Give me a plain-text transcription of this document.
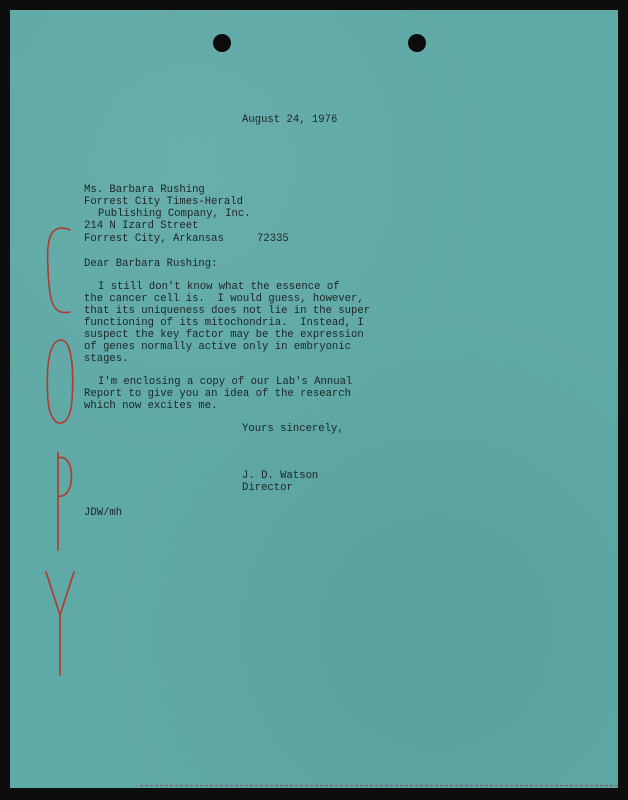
August 24, 1976
Ms. Barbara Rushing
Forrest City Times-Herald
Publishing Company, Inc.
214 N Izard Street
Forrest City, Arkansas	72335
Dear Barbara Rushing:
I still don't know what the essence of
the cancer cell is.  I would guess, however,
that its uniqueness does not lie in the super
functioning of its mitochondria.  Instead, I
suspect the key factor may be the expression
of genes normally active only in embryonic
stages.
I'm enclosing a copy of our Lab's Annual
Report to give you an idea of the research
which now excites me.
Yours sincerely,
J. D. Watson
Director
JDW/mh
